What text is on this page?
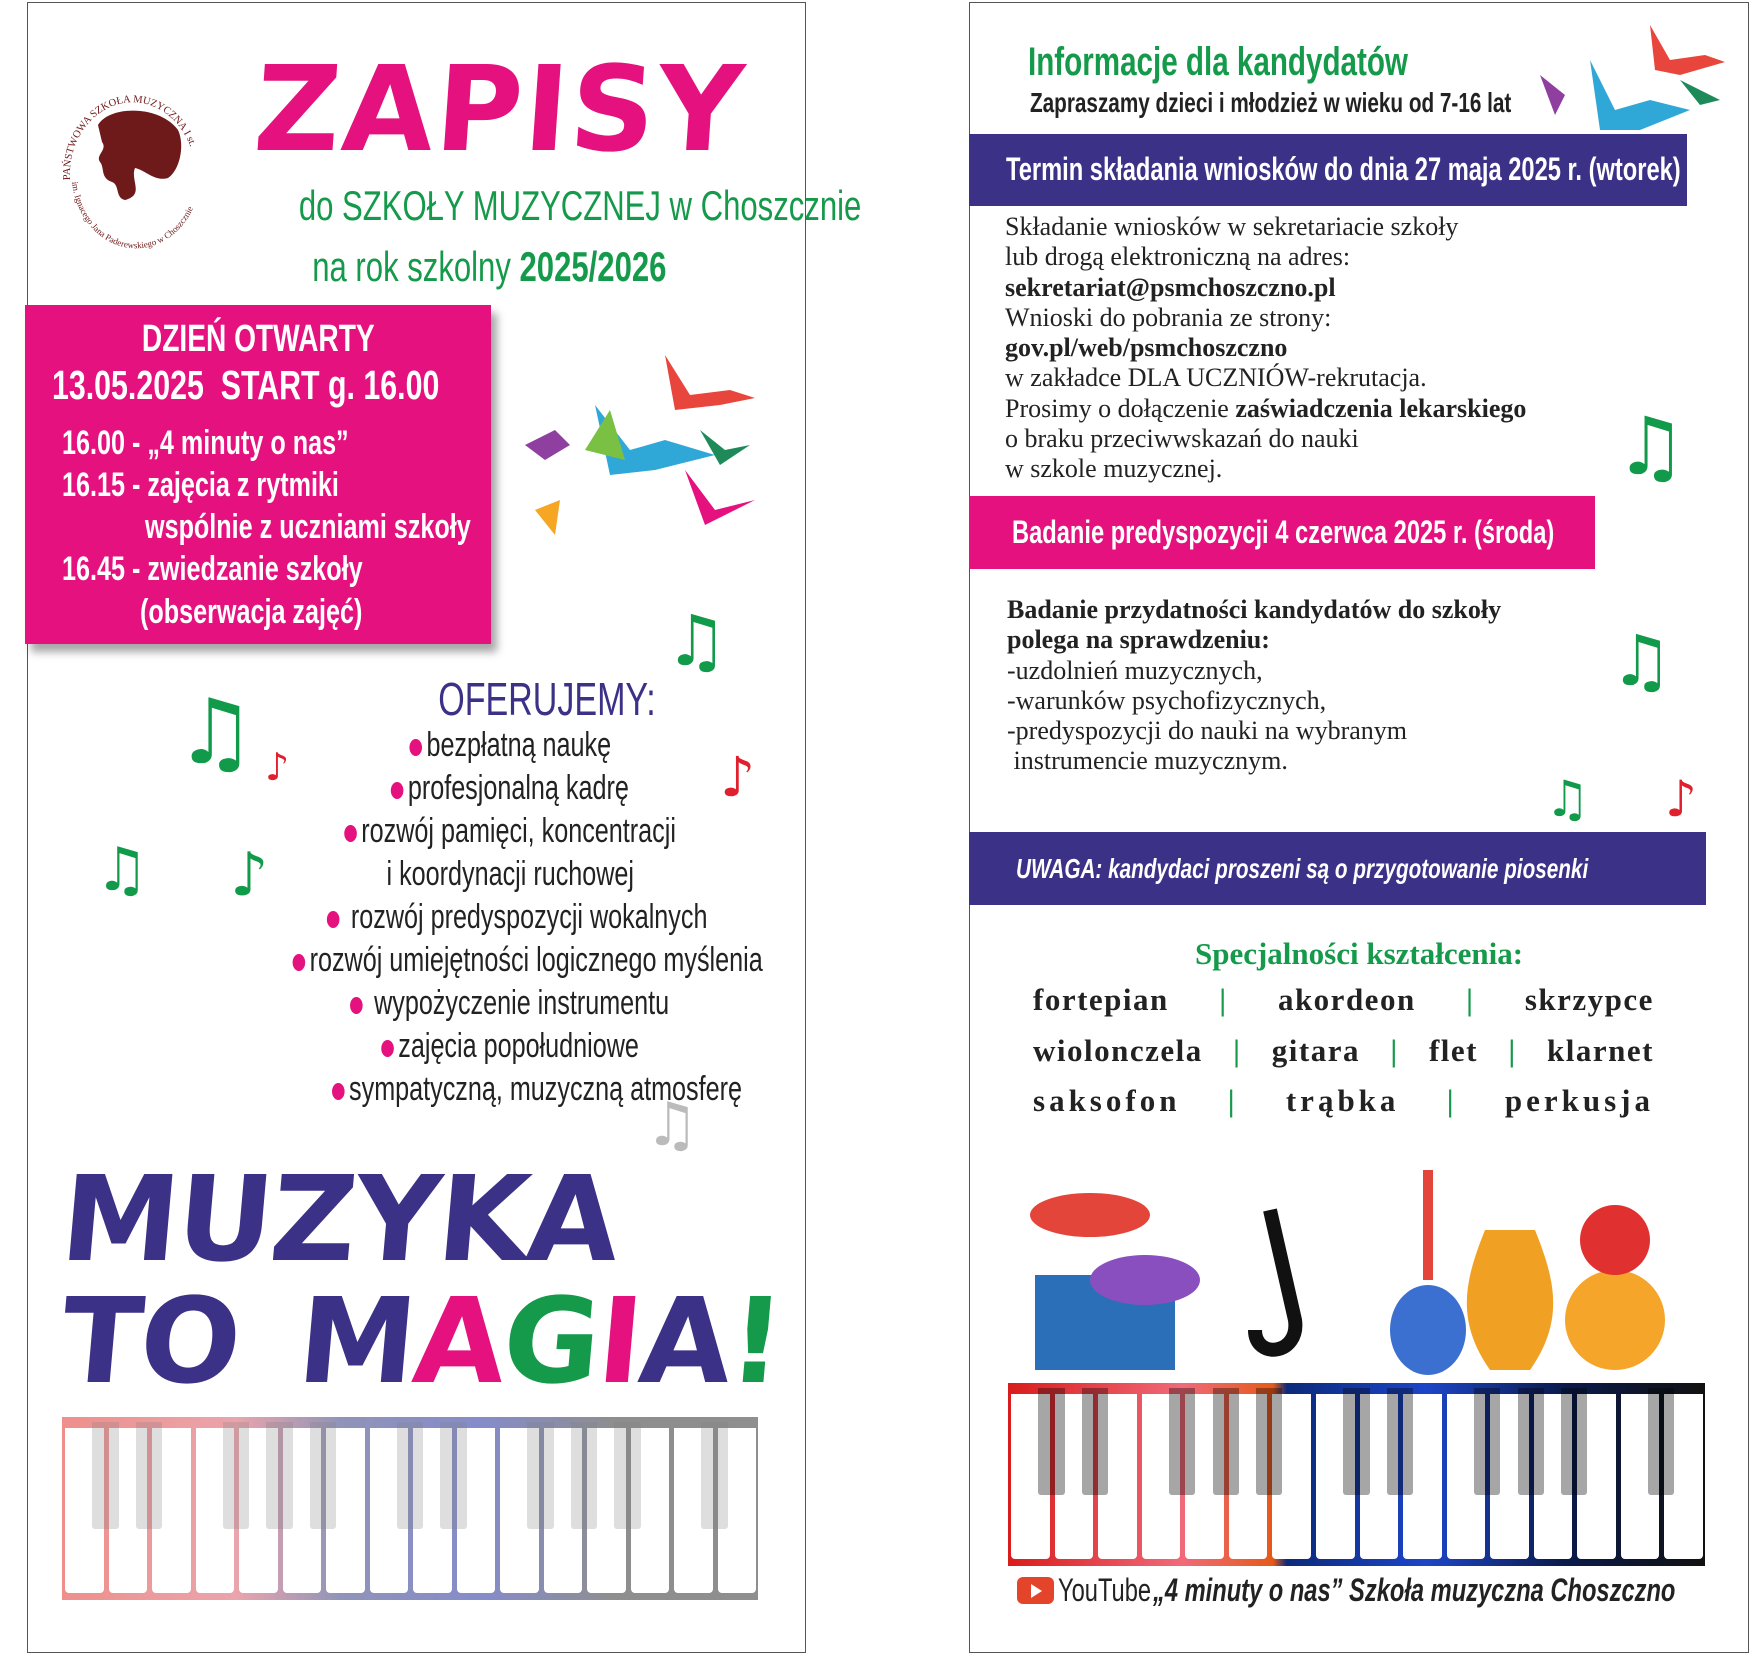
PAŃSTWOWA SZKOŁA MUZYCZNA I st.
im. Ignacego Jana Paderewskiego w Choszcznie
ZAPISY
do SZKOŁY MUZYCZNEJ w Choszcznie
na rok szkolny 2025/2026
DZIEŃ OTWARTY
13.05.2025  START g. 16.00
16.00 - „4 minuty o nas”
16.15 - zajęcia z rytmiki
wspólnie z uczniami szkoły
16.45 - zwiedzanie szkoły
(obserwacja zajęć)
♫
♫ ♪
♫
♪
♪
♫
OFERUJEMY:
bezpłatną naukę
profesjonalną kadrę
rozwój pamięci, koncentracji
i koordynacji ruchowej
rozwój predyspozycji wokalnych
rozwój umiejętności logicznego myślenia
wypożyczenie instrumentu
zajęcia popołudniowe
sympatyczną, muzyczną atmosferę
MUZYKA
TO MAGIA!
Informacje dla kandydatów
Zapraszamy dzieci i młodzież w wieku od 7-16 lat
Termin składania wniosków do dnia 27 maja 2025 r. (wtorek)
Składanie wniosków w sekretariacie szkoły
lub drogą elektroniczną na adres:
sekretariat@psmchoszczno.pl
Wnioski do pobrania ze strony:
gov.pl/web/psmchoszczno
w zakładce DLA UCZNIÓW-rekrutacja.
Prosimy o dołączenie zaświadczenia lekarskiego
o braku przeciwwskazań do nauki
w szkole muzycznej.	♫
Badanie predyspozycji 4 czerwca 2025 r. (środa)
Badanie przydatności kandydatów do szkoły
polega na sprawdzeniu:
-uzdolnień muzycznych,
-warunków psychofizycznych,
-predyspozycji do nauki na wybranym
instrumencie muzycznym.
♫
♫ ♪
UWAGA: kandydaci proszeni są o przygotowanie piosenki
Specjalności kształcenia:
fortepian | akordeon | skrzypce
wiolonczela | gitara | flet | klarnet
saksofon | trąbka | perkusja
YouTube „4 minuty o nas” Szkoła muzyczna Choszczno
